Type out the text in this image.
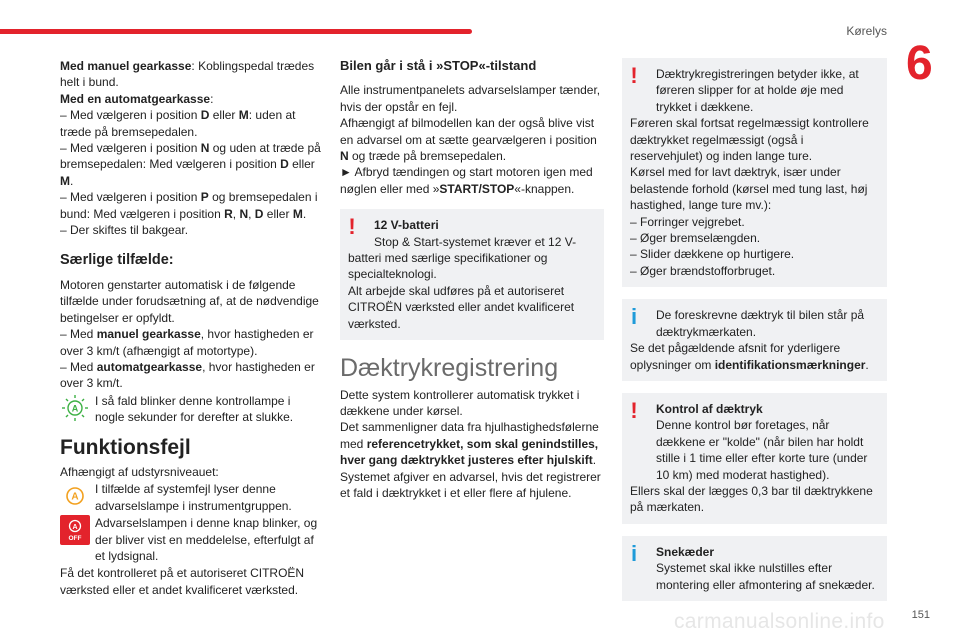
Kørelys
6
151
carmanualsonline.info

Med manuel gearkasse: Koblingspedal trædes helt i bund.

Med en automatgearkasse:

– Med vælgeren i position D eller M: uden at træde på bremsepedalen.

– Med vælgeren i position N og uden at træde på bremsepedalen: Med vælgeren i position D eller M.

– Med vælgeren i position P og bremsepedalen i bund: Med vælgeren i position R, N, D eller M.

– Der skiftes til bakgear.

Særlige tilfælde:

Motoren genstarter automatisk i de følgende tilfælde under forudsætning af, at de nødvendige betingelser er opfyldt.

– Med manuel gearkasse, hvor hastigheden er over 3 km/t (afhængigt af motortype).

– Med automatgearkasse, hvor hastigheden er over 3 km/t.

A

I så fald blinker denne kontrollampe i nogle sekunder for derefter at slukke.

Funktionsfejl

Afhængigt af udstyrsniveauet:

A

I tilfælde af systemfejl lyser denne advarselslampe i instrumentgruppen.

A
OFF

Advarselslampen i denne knap blinker, og der bliver vist en meddelelse, efterfulgt af et lydsignal.

Få det kontrolleret på et autoriseret CITROËN værksted eller et andet kvalificeret værksted.

Bilen går i stå i »STOP«-tilstand

Alle instrumentpanelets advarselslamper tænder, hvis der opstår en fejl.

Afhængigt af bilmodellen kan der også blive vist en advarsel om at sætte gearvælgeren i position N og træde på bremsepedalen.

► Afbryd tændingen og start motoren igen med nøglen eller med »START/STOP«-knappen.

!	12 V-batteri

Stop & Start-systemet kræver et 12 V-batteri med særlige specifikationer og specialteknologi.

Alt arbejde skal udføres på et autoriseret CITROËN værksted eller andet kvalificeret værksted.

Dæktrykregistrering

Dette system kontrollerer automatisk trykket i dækkene under kørsel.

Det sammenligner data fra hjulhastighedsfølerne med referencetrykket, som skal genindstilles, hver gang dæktrykket justeres efter hjulskift.

Systemet afgiver en advarsel, hvis det registrerer et fald i dæktrykket i et eller flere af hjulene.

!	Dæktrykregistreringen betyder ikke, at føreren slipper for at holde øje med trykket i dækkene.

Føreren skal fortsat regelmæssigt kontrollere dæktrykket regelmæssigt (også i reservehjulet) og inden lange ture.

Kørsel med for lavt dæktryk, især under belastende forhold (kørsel med tung last, høj hastighed, lange ture mv.):

– Forringer vejgrebet.

– Øger bremselængden.

– Slider dækkene op hurtigere.

– Øger brændstofforbruget.

i	De foreskrevne dæktryk til bilen står på dæktrykmærkaten.

Se det pågældende afsnit for yderligere oplysninger om identifikationsmærkninger.

!	Kontrol af dæktryk

Denne kontrol bør foretages, når dækkene er "kolde" (når bilen har holdt stille i 1 time eller efter korte ture (under 10 km) med moderat hastighed).

Ellers skal der lægges 0,3 bar til dæktrykkene på mærkaten.

i	Snekæder

Systemet skal ikke nulstilles efter montering eller afmontering af snekæder.
